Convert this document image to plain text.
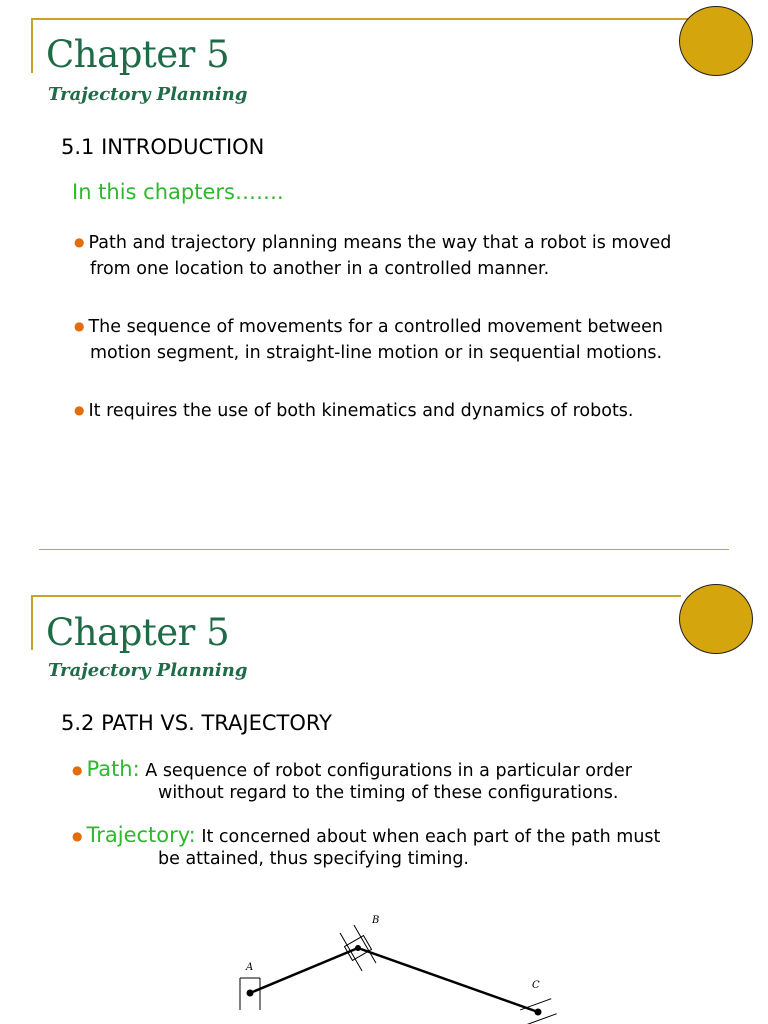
Chapter 5
Trajectory Planning
5.1 INTRODUCTION
In this chapters…….
● Path and trajectory planning means the way that a robot is moved
from one location to another in a controlled manner.
● The sequence of movements for a controlled movement between
motion segment, in straight-line motion or in sequential motions.
● It requires the use of both kinematics and dynamics of robots.
Chapter 5
Trajectory Planning
5.2 PATH VS. TRAJECTORY
● Path: A sequence of robot configurations in a particular order
without regard to the timing of these configurations.
● Trajectory: It concerned about when each part of the path must
be attained, thus specifying timing.
A
B
C
